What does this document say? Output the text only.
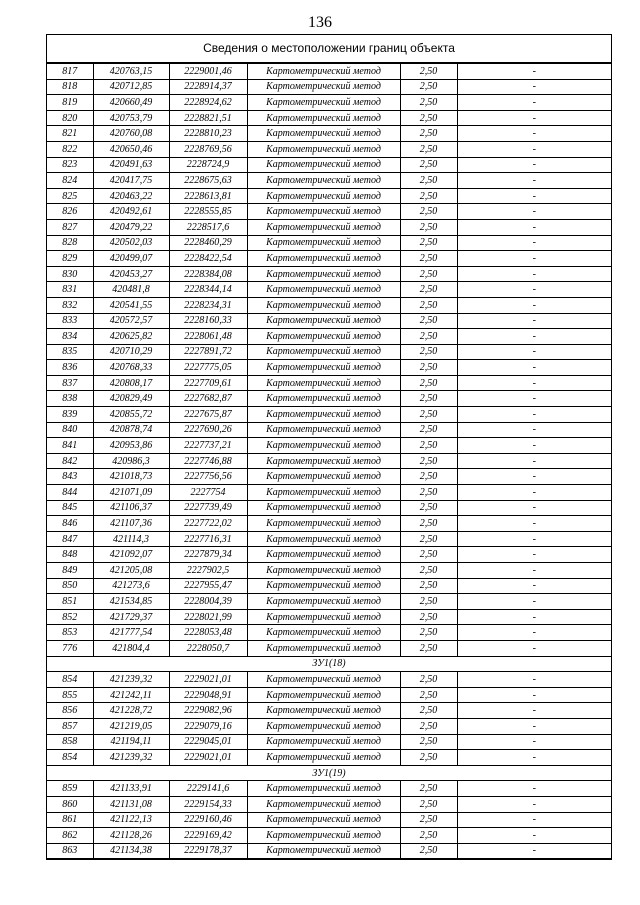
136
Сведения о местоположении границ объекта
817	420763,15	2229001,46	Картометрический метод	2,50	-
818	420712,85	2228914,37	Картометрический метод	2,50	-
819	420660,49	2228924,62	Картометрический метод	2,50	-
820	420753,79	2228821,51	Картометрический метод	2,50	-
821	420760,08	2228810,23	Картометрический метод	2,50	-
822	420650,46	2228769,56	Картометрический метод	2,50	-
823	420491,63	2228724,9	Картометрический метод	2,50	-
824	420417,75	2228675,63	Картометрический метод	2,50	-
825	420463,22	2228613,81	Картометрический метод	2,50	-
826	420492,61	2228555,85	Картометрический метод	2,50	-
827	420479,22	2228517,6	Картометрический метод	2,50	-
828	420502,03	2228460,29	Картометрический метод	2,50	-
829	420499,07	2228422,54	Картометрический метод	2,50	-
830	420453,27	2228384,08	Картометрический метод	2,50	-
831	420481,8	2228344,14	Картометрический метод	2,50	-
832	420541,55	2228234,31	Картометрический метод	2,50	-
833	420572,57	2228160,33	Картометрический метод	2,50	-
834	420625,82	2228061,48	Картометрический метод	2,50	-
835	420710,29	2227891,72	Картометрический метод	2,50	-
836	420768,33	2227775,05	Картометрический метод	2,50	-
837	420808,17	2227709,61	Картометрический метод	2,50	-
838	420829,49	2227682,87	Картометрический метод	2,50	-
839	420855,72	2227675,87	Картометрический метод	2,50	-
840	420878,74	2227690,26	Картометрический метод	2,50	-
841	420953,86	2227737,21	Картометрический метод	2,50	-
842	420986,3	2227746,88	Картометрический метод	2,50	-
843	421018,73	2227756,56	Картометрический метод	2,50	-
844	421071,09	2227754	Картометрический метод	2,50	-
845	421106,37	2227739,49	Картометрический метод	2,50	-
846	421107,36	2227722,02	Картометрический метод	2,50	-
847	421114,3	2227716,31	Картометрический метод	2,50	-
848	421092,07	2227879,34	Картометрический метод	2,50	-
849	421205,08	2227902,5	Картометрический метод	2,50	-
850	421273,6	2227955,47	Картометрический метод	2,50	-
851	421534,85	2228004,39	Картометрический метод	2,50	-
852	421729,37	2228021,99	Картометрический метод	2,50	-
853	421777,54	2228053,48	Картометрический метод	2,50	-
776	421804,4	2228050,7	Картометрический метод	2,50	-
ЗУ1(18)					
854	421239,32	2229021,01	Картометрический метод	2,50	-
855	421242,11	2229048,91	Картометрический метод	2,50	-
856	421228,72	2229082,96	Картометрический метод	2,50	-
857	421219,05	2229079,16	Картометрический метод	2,50	-
858	421194,11	2229045,01	Картометрический метод	2,50	-
854	421239,32	2229021,01	Картометрический метод	2,50	-
ЗУ1(19)					
859	421133,91	2229141,6	Картометрический метод	2,50	-
860	421131,08	2229154,33	Картометрический метод	2,50	-
861	421122,13	2229160,46	Картометрический метод	2,50	-
862	421128,26	2229169,42	Картометрический метод	2,50	-
863	421134,38	2229178,37	Картометрический метод	2,50	-
